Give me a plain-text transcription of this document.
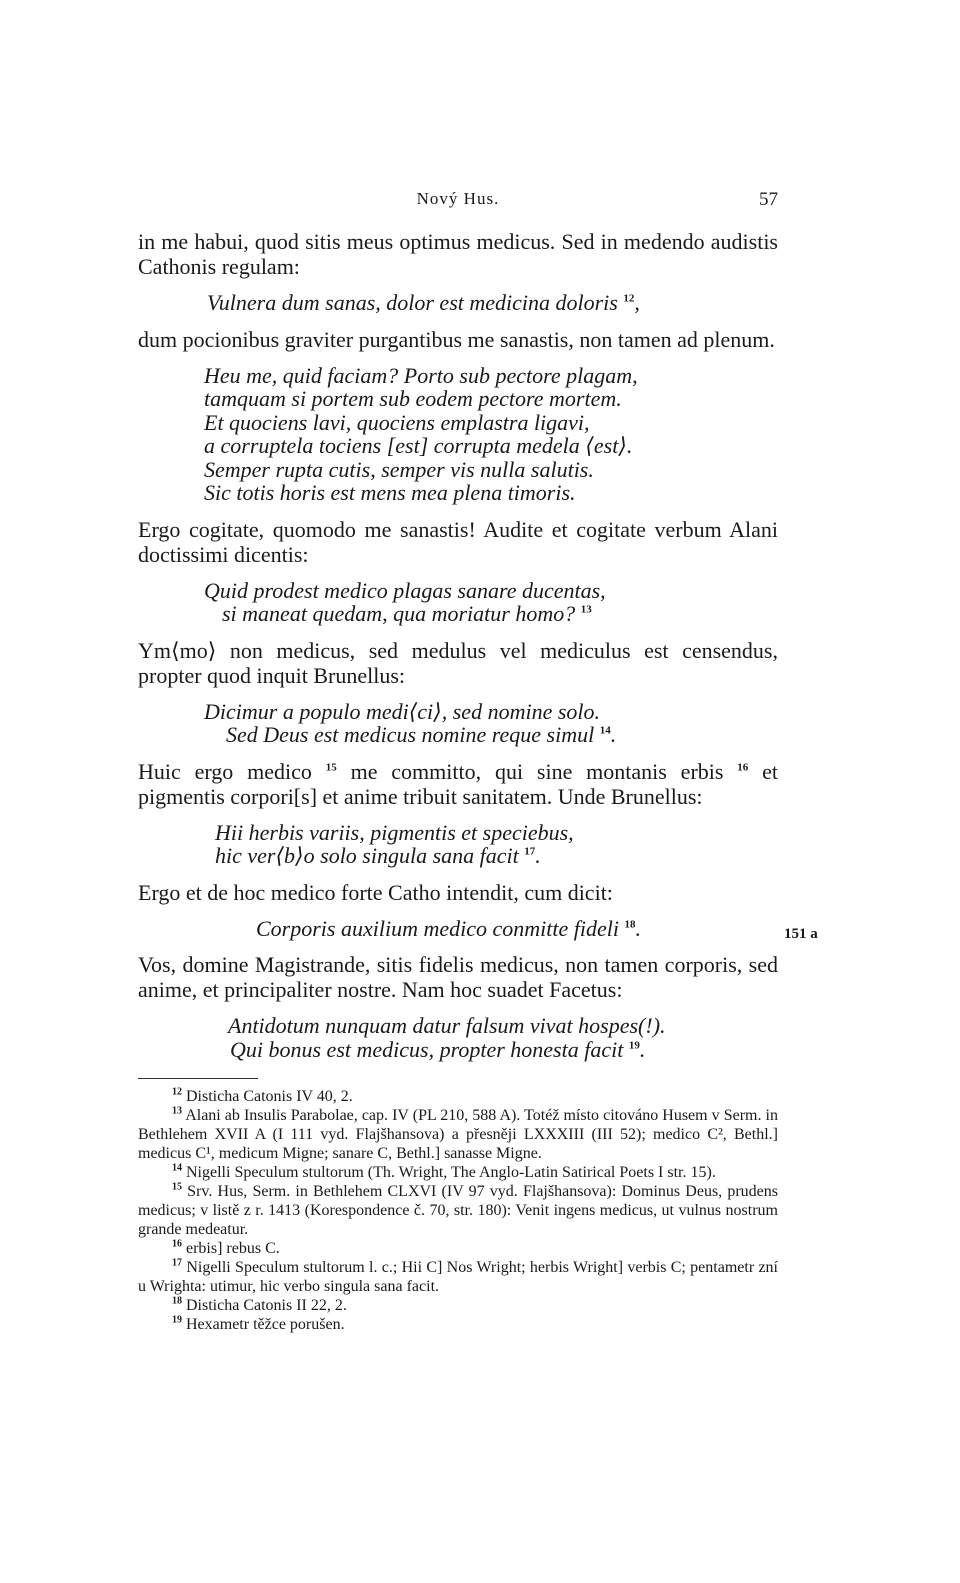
Nový Hus.	57

in me habui, quod sitis meus optimus medicus. Sed in medendo audistis Cathonis regulam:

Vulnera dum sanas, dolor est medicina doloris $^{12}$,

dum pocionibus graviter purgantibus me sanastis, non tamen ad plenum.

Heu me, quid faciam? Porto sub pectore plagam,
tamquam si portem sub eodem pectore mortem.
Et quociens lavi, quociens emplastra ligavi,
a corruptela tociens [est] corrupta medela ⟨est⟩.
Semper rupta cutis, semper vis nulla salutis.
Sic totis horis est mens mea plena timoris.

Ergo cogitate, quomodo me sanastis! Audite et cogitate verbum Alani doctissimi dicentis:

Quid prodest medico plagas sanare ducentas,
si maneat quedam, qua moriatur homo? $^{13}$

Ym⟨mo⟩ non medicus, sed medulus vel mediculus est censendus, propter quod inquit Brunellus:

Dicimur a populo medi⟨ci⟩, sed nomine solo.
Sed Deus est medicus nomine reque simul $^{14}$.

Huic ergo medico $^{15}$ me committo, qui sine montanis erbis $^{16}$ et pigmentis corpori[s] et anime tribuit sanitatem. Unde Brunellus:

Hii herbis variis, pigmentis et speciebus,
hic ver⟨b⟩o solo singula sana facit $^{17}$.

Ergo et de hoc medico forte Catho intendit, cum dicit:

Corporis auxilium medico conmitte fideli $^{18}$.	151 a

Vos, domine Magistrande, sitis fidelis medicus, non tamen corporis, sed anime, et principaliter nostre. Nam hoc suadet Facetus:

Antidotum nunquam datur falsum vivat hospes(!).
Qui bonus est medicus, propter honesta facit $^{19}$.

$^{12}$ Disticha Catonis IV 40, 2.

$^{13}$ Alani ab Insulis Parabolae, cap. IV (PL 210, 588 A). Totéž místo citováno Husem v Serm. in Bethlehem XVII A (I 111 vyd. Flajšhansova) a přesněji LXXXIII (III 52); medico C², Bethl.] medicus C¹, medicum Migne; sanare C, Bethl.] sanasse Migne.

$^{14}$ Nigelli Speculum stultorum (Th. Wright, The Anglo-Latin Satirical Poets I str. 15).

$^{15}$ Srv. Hus, Serm. in Bethlehem CLXVI (IV 97 vyd. Flajšhansova): Dominus Deus, prudens medicus; v listě z r. 1413 (Korespondence č. 70, str. 180): Venit ingens medicus, ut vulnus nostrum grande medeatur.

$^{16}$ erbis] rebus C.

$^{17}$ Nigelli Speculum stultorum l. c.; Hii C] Nos Wright; herbis Wright] verbis C; pentametr zní u Wrighta: utimur, hic verbo singula sana facit.

$^{18}$ Disticha Catonis II 22, 2.

$^{19}$ Hexametr těžce porušen.
